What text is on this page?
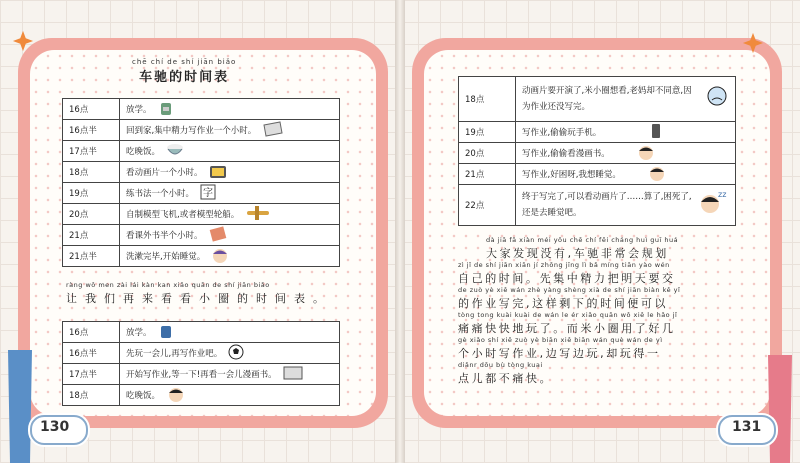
chē chí de shí jiān biǎo
车驰的时间表
16点	放学。
16点半	回到家,集中精力写作业一个小时。
17点半	吃晚饭。
18点	看动画片一个小时。
19点	练书法一个小时。 字

20点	自制模型飞机,或者模型轮船。
21点	看课外书半个小时。
21点半	洗漱完毕,开始睡觉。
ràng wǒ men zài lái kàn kan xiǎo quān de shí jiān biǎo
让我们再来看看小圈的时间表。
16点	放学。
16点半	先玩一会儿,再写作业吧。
17点半	开始写作业,等一下!再看一会儿漫画书。
18点	吃晚饭。
130
18点	动画片要开演了,米小圈想看,老妈却不同意,因为作业还没写完。
19点	写作业,偷偷玩手机。
20点	写作业,偷偷看漫画书。
21点	写作业,好困呀,我想睡觉。
22点	终于写完了,可以看动画片了……算了,困死了,还是去睡觉吧。
zz
dà jiā fā xiàn méi yǒu chē chí fēi cháng huì guī huá
大家发现没有,车驰非常会规划
zì jǐ de shí jiān xiān jí zhōng jīng lì bǎ míng tiān yào wén
自己的时间。先集中精力把明天要交
de zuò yè xiě wán zhè yàng shèng xià de shí jiān biàn kě yǐ
的作业写完,这样剩下的时间便可以
tòng tong kuài kuài de wán le ér xiǎo quān wǒ xiě le hǎo jǐ
痛痛快快地玩了。而米小圈用了好几
gè xiǎo shí xiě zuò yè biān xiě biān wán què wán de yì
个小时写作业,边写边玩,却玩得一
diǎnr dōu bù tòng kuai
点儿都不痛快。
131
